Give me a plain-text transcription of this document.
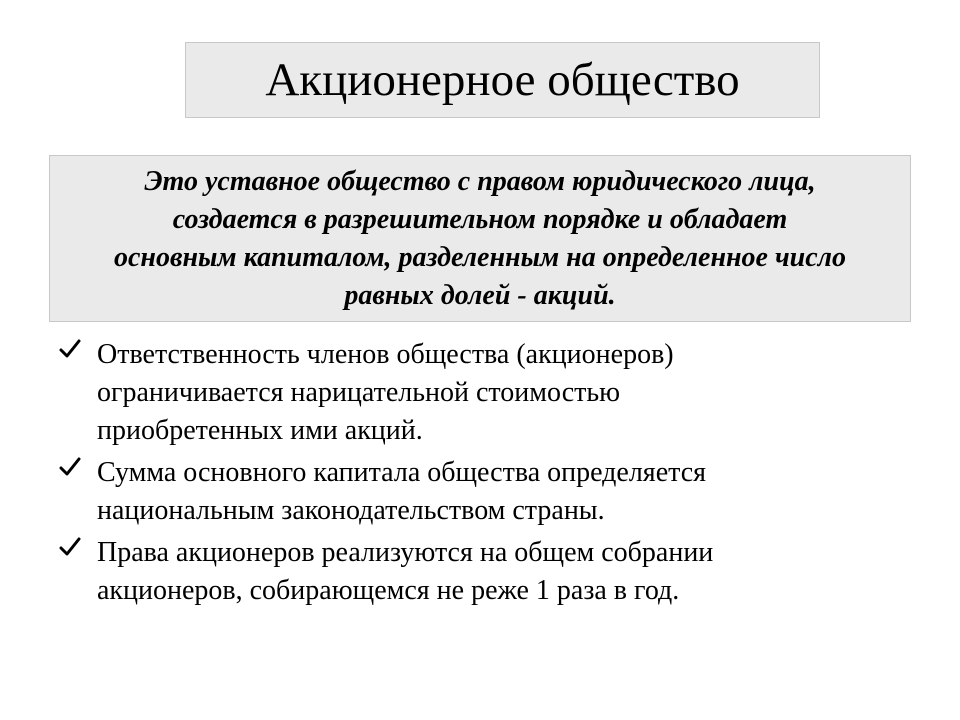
Акционерное общество
Это уставное общество с правом юридического лица,
создается в разрешительном порядке и обладает
основным капиталом, разделенным на определенное число
равных долей - акций.
Ответственность членов общества (акционеров)
ограничивается нарицательной стоимостью
приобретенных ими акций.
Сумма основного капитала общества определяется
национальным законодательством страны.
Права акционеров реализуются на общем собрании
акционеров, собирающемся не реже 1 раза в год.
